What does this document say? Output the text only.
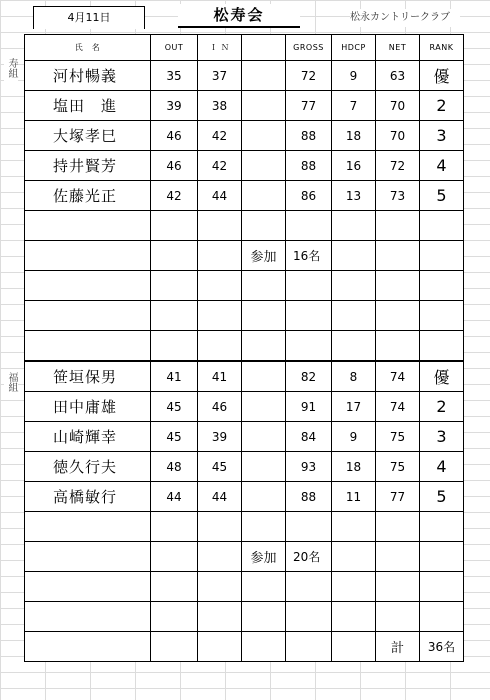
4月11日	松寿会	松永カントリークラブ
寿組
福組
氏　名	OUT	Ｉ Ｎ		GROSS	HDCP	NET	RANK
河村暢義	35	37		72	9	63	優
塩田　進	39	38		77	7	70	2
大塚孝巳	46	42		88	18	70	3
持井賢芳	46	42		88	16	72	4
佐藤光正	42	44		86	13	73	5

			参加	16名			

笹垣保男	41	41		82	8	74	優
田中庸雄	45	46		91	17	74	2
山崎輝幸	45	39		84	9	75	3
徳久行夫	48	45		93	18	75	4
高橋敏行	44	44		88	11	77	5

			参加	20名			

						計	36名
